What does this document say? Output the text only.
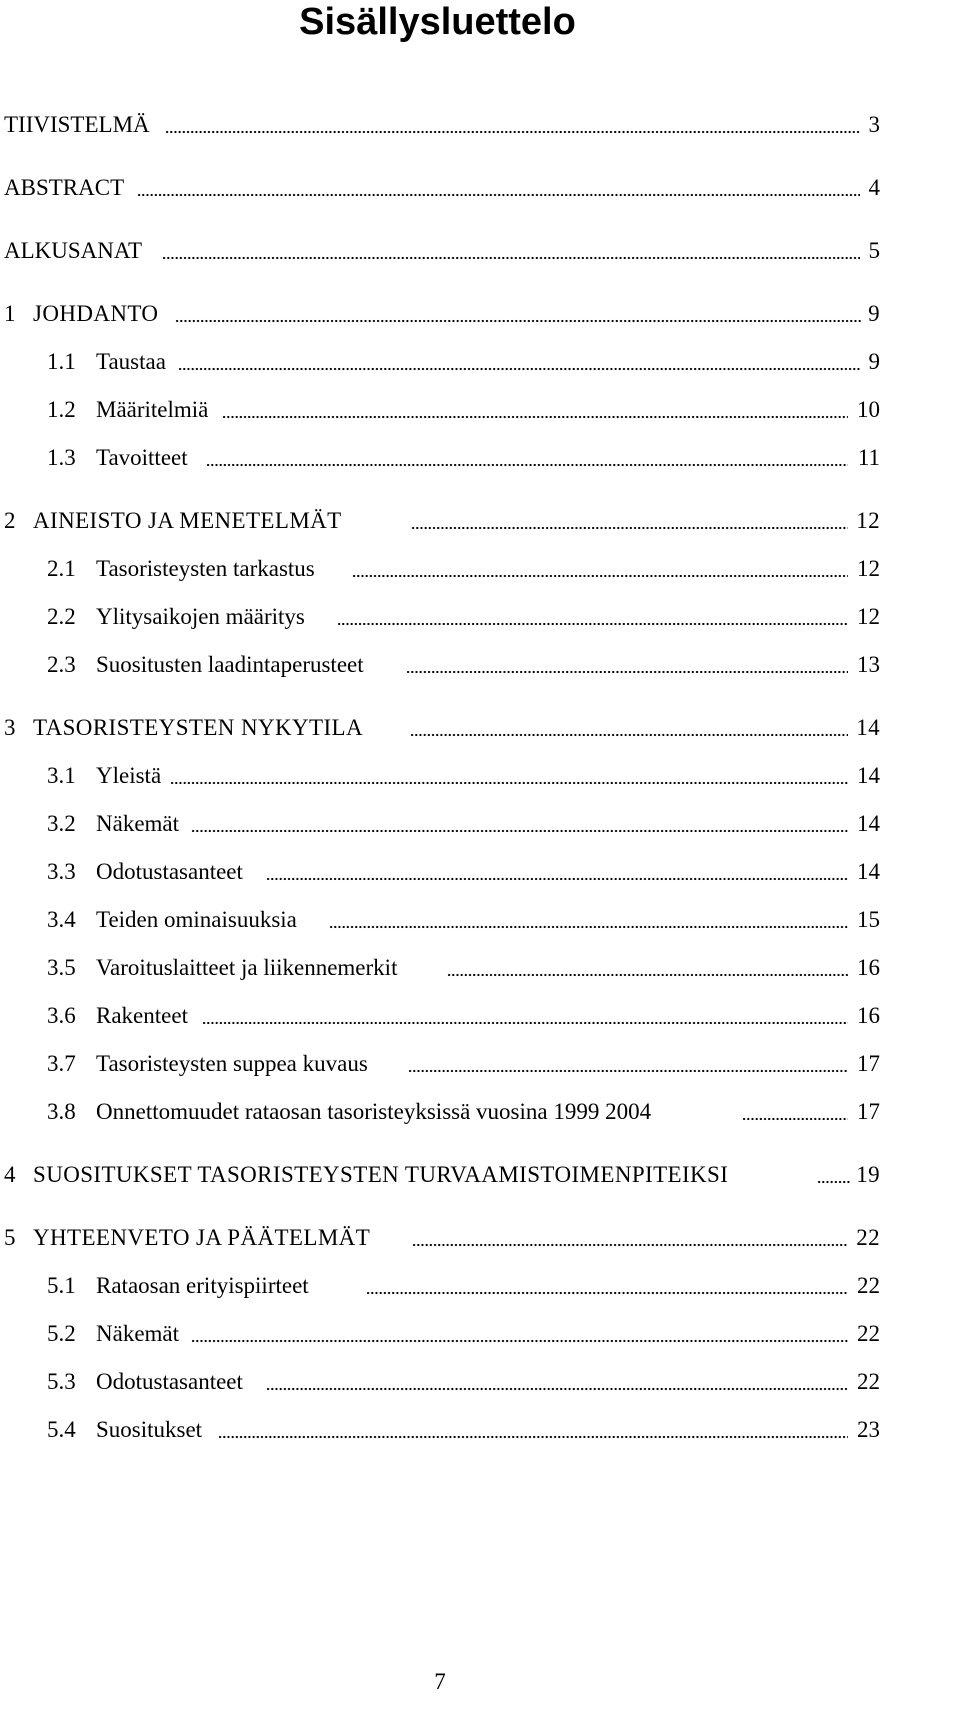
Sisällysluettelo
TIIVISTELMÄ	3
ABSTRACT	4
ALKUSANAT	5
1 JOHDANTO	9
1.1 Taustaa	9
1.2 Määritelmiä	10
1.3 Tavoitteet	11
2 AINEISTO JA MENETELMÄT	12
2.1 Tasoristeysten tarkastus	12
2.2 Ylitysaikojen määritys	12
2.3 Suositusten laadintaperusteet	13
3 TASORISTEYSTEN NYKYTILA	14
3.1 Yleistä	14
3.2 Näkemät	14
3.3 Odotustasanteet	14
3.4 Teiden ominaisuuksia	15
3.5 Varoituslaitteet ja liikennemerkit	16
3.6 Rakenteet	16
3.7 Tasoristeysten suppea kuvaus	17
3.8 Onnettomuudet rataosan tasoristeyksissä vuosina 1999 2004	17
4 SUOSITUKSET TASORISTEYSTEN TURVAAMISTOIMENPITEIKSI	19
5 YHTEENVETO JA PÄÄTELMÄT	22
5.1 Rataosan erityispiirteet	22
5.2 Näkemät	22
5.3 Odotustasanteet	22
5.4 Suositukset	23
7
